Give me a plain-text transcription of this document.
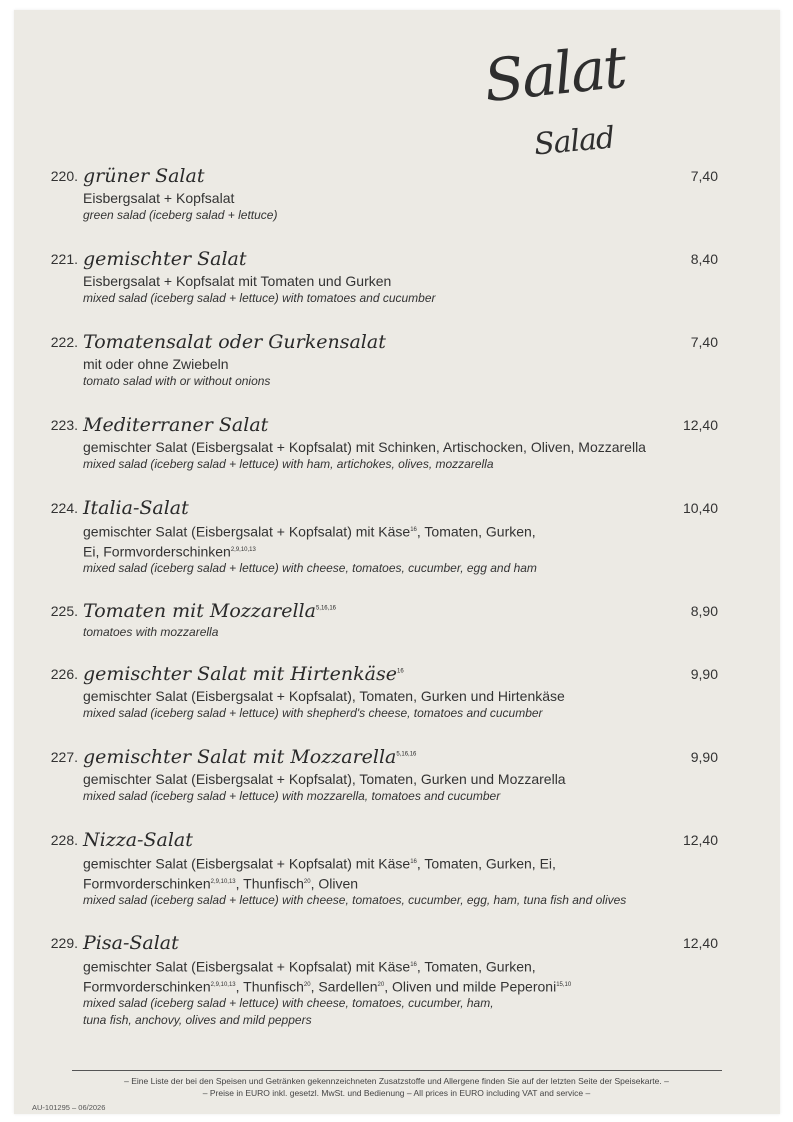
Salat
Salad
220. grüner Salat	7,40
Eisbergsalat + Kopfsalat
green salad (iceberg salad + lettuce)
221. gemischter Salat	8,40
Eisbergsalat + Kopfsalat mit Tomaten und Gurken
mixed salad (iceberg salad + lettuce) with tomatoes and cucumber
222. Tomatensalat oder Gurkensalat	7,40
mit oder ohne Zwiebeln
tomato salad with or without onions
223. Mediterraner Salat	12,40
gemischter Salat (Eisbergsalat + Kopfsalat) mit Schinken, Artischocken, Oliven, Mozzarella
mixed salad (iceberg salad + lettuce) with ham, artichokes, olives, mozzarella
224. Italia-Salat	10,40
gemischter Salat (Eisbergsalat + Kopfsalat) mit Käse$^{16}$, Tomaten, Gurken,
Ei, Formvorderschinken$^{2,9,10,13}$
mixed salad (iceberg salad + lettuce) with cheese, tomatoes, cucumber, egg and ham
225. Tomaten mit Mozzarella$^{5,16,16}$	8,90
tomatoes with mozzarella
226. gemischter Salat mit Hirtenkäse$^{16}$	9,90
gemischter Salat (Eisbergsalat + Kopfsalat), Tomaten, Gurken und Hirtenkäse
mixed salad (iceberg salad + lettuce) with shepherd's cheese, tomatoes and cucumber
227. gemischter Salat mit Mozzarella$^{5,16,16}$	9,90
gemischter Salat (Eisbergsalat + Kopfsalat), Tomaten, Gurken und Mozzarella
mixed salad (iceberg salad + lettuce) with mozzarella, tomatoes and cucumber
228. Nizza-Salat	12,40
gemischter Salat (Eisbergsalat + Kopfsalat) mit Käse$^{16}$, Tomaten, Gurken, Ei,
Formvorderschinken$^{2,9,10,13}$, Thunfisch$^{20}$, Oliven
mixed salad (iceberg salad + lettuce) with cheese, tomatoes, cucumber, egg, ham, tuna fish and olives
229. Pisa-Salat	12,40
gemischter Salat (Eisbergsalat + Kopfsalat) mit Käse$^{16}$, Tomaten, Gurken,
Formvorderschinken$^{2,9,10,13}$, Thunfisch$^{20}$, Sardellen$^{20}$, Oliven und milde Peperoni$^{15,10}$
mixed salad (iceberg salad + lettuce) with cheese, tomatoes, cucumber, ham,
tuna fish, anchovy, olives and mild peppers
– Eine Liste der bei den Speisen und Getränken gekennzeichneten Zusatzstoffe und Allergene finden Sie auf der letzten Seite der Speisekarte. –
– Preise in EURO inkl. gesetzl. MwSt. und Bedienung – All prices in EURO including VAT and service –
AU-101295 – 06/2026
